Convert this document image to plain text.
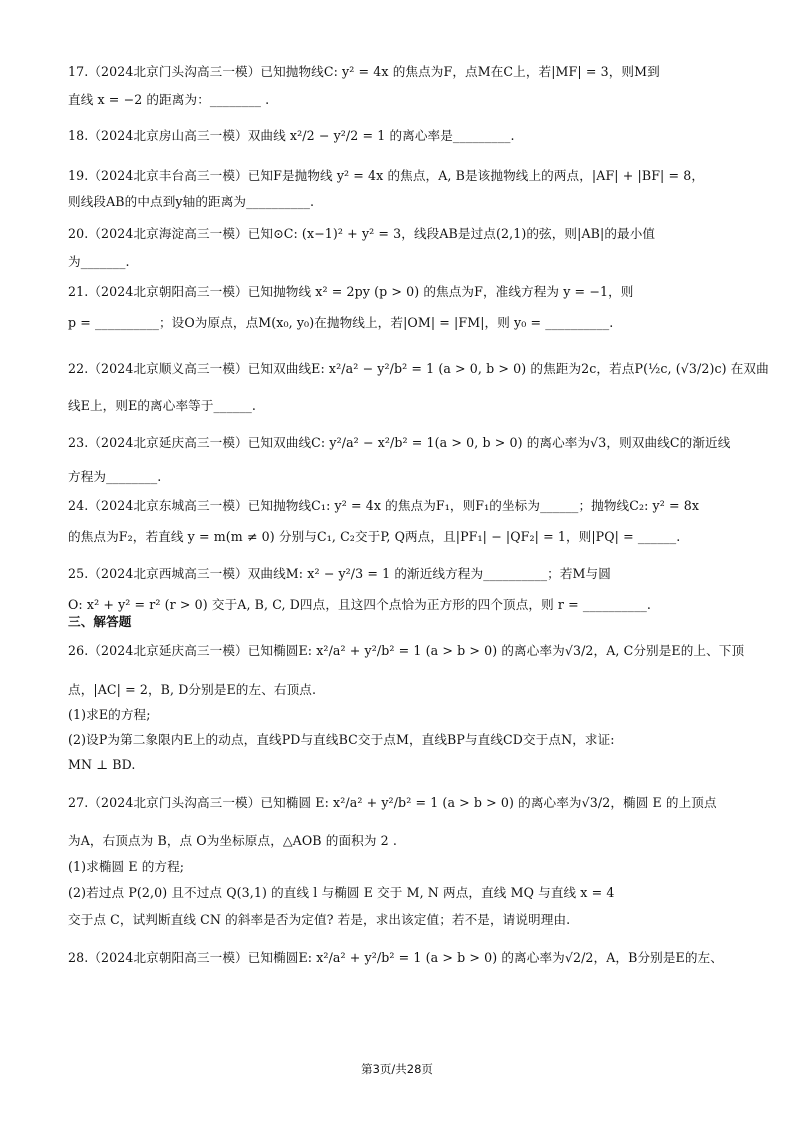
17.（2024北京门头沟高三一模）已知抛物线C: y² = 4x 的焦点为F，点M在C上，若|MF| = 3，则M到
直线 x = −2 的距离为：________ .
18.（2024北京房山高三一模）双曲线 x²/2 − y²/2 = 1 的离心率是_________.
19.（2024北京丰台高三一模）已知F是抛物线 y² = 4x 的焦点，A, B是该抛物线上的两点，|AF| + |BF| = 8，
则线段AB的中点到y轴的距离为__________.
20.（2024北京海淀高三一模）已知⊙C: (x−1)² + y² = 3，线段AB是过点(2,1)的弦，则|AB|的最小值
为_______.
21.（2024北京朝阳高三一模）已知抛物线 x² = 2py (p > 0) 的焦点为F，准线方程为 y = −1，则
p = __________；设O为原点，点M(x₀, y₀)在抛物线上，若|OM| = |FM|，则 y₀ = __________.
22.（2024北京顺义高三一模）已知双曲线E: x²/a² − y²/b² = 1 (a > 0, b > 0) 的焦距为2c，若点P(½c, (√3/2)c) 在双曲
线E上，则E的离心率等于______.
23.（2024北京延庆高三一模）已知双曲线C: y²/a² − x²/b² = 1(a > 0, b > 0) 的离心率为√3，则双曲线C的渐近线
方程为________.
24.（2024北京东城高三一模）已知抛物线C₁: y² = 4x 的焦点为F₁，则F₁的坐标为______；抛物线C₂: y² = 8x
的焦点为F₂，若直线 y = m(m ≠ 0) 分别与C₁, C₂交于P, Q两点，且|PF₁| − |QF₂| = 1，则|PQ| = ______.
25.（2024北京西城高三一模）双曲线M: x² − y²/3 = 1 的渐近线方程为__________；若M与圆
O: x² + y² = r² (r > 0) 交于A, B, C, D四点，且这四个点恰为正方形的四个顶点，则 r = __________.
三、解答题
26.（2024北京延庆高三一模）已知椭圆E: x²/a² + y²/b² = 1 (a > b > 0) 的离心率为√3/2，A, C分别是E的上、下顶
点，|AC| = 2，B, D分别是E的左、右顶点.
(1)求E的方程;
(2)设P为第二象限内E上的动点，直线PD与直线BC交于点M，直线BP与直线CD交于点N，求证:
MN ⊥ BD.
27.（2024北京门头沟高三一模）已知椭圆 E: x²/a² + y²/b² = 1 (a > b > 0) 的离心率为√3/2，椭圆 E 的上顶点
为A，右顶点为 B，点 O为坐标原点，△AOB 的面积为 2 .
(1)求椭圆 E 的方程;
(2)若过点 P(2,0) 且不过点 Q(3,1) 的直线 l 与椭圆 E 交于 M, N 两点，直线 MQ 与直线 x = 4
交于点 C，试判断直线 CN 的斜率是否为定值? 若是，求出该定值；若不是，请说明理由.
28.（2024北京朝阳高三一模）已知椭圆E: x²/a² + y²/b² = 1 (a > b > 0) 的离心率为√2/2，A，B分别是E的左、
第3页/共28页
